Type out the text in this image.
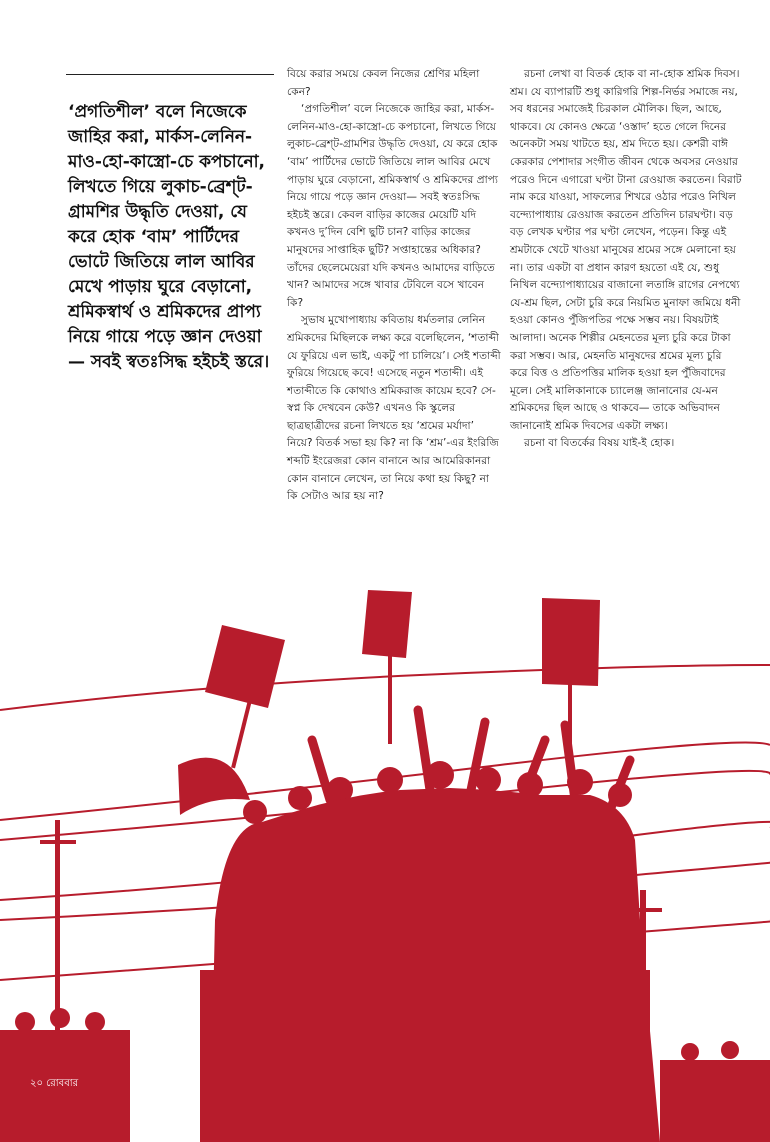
‘প্রগতিশীল’ বলে নিজেকে জাহির করা, মার্কস-লেনিন-মাও-হো-কাস্ত্রো-চে কপচানো, লিখতে গিয়ে লুকাচ-ব্রেশ্‌ট-গ্রামশির উদ্ধৃতি দেওয়া, যে করে হোক ‘বাম’ পার্টিদের ভোটে জিতিয়ে লাল আবির মেখে পাড়ায় ঘুরে বেড়ানো, শ্রমিকস্বার্থ ও শ্রমিকদের প্রাপ্য নিয়ে গায়ে পড়ে জ্ঞান দেওয়া— সবই স্বতঃসিদ্ধ হইচই স্তরে।

বিয়ে করার সময়ে কেবল নিজের শ্রেণির মহিলা কেন?

‘প্রগতিশীল’ বলে নিজেকে জাহির করা, মার্কস-লেনিন-মাও-হো-কাস্ত্রো-চে কপচানো, লিখতে গিয়ে লুকাচ-ব্রেশ্‌ট-গ্রামশির উদ্ধৃতি দেওয়া, যে করে হোক ‘বাম’ পার্টিদের ভোটে জিতিয়ে লাল আবির মেখে পাড়ায় ঘুরে বেড়ানো, শ্রমিকস্বার্থ ও শ্রমিকদের প্রাপ্য নিয়ে গায়ে পড়ে জ্ঞান দেওয়া— সবই স্বতঃসিদ্ধ হইচই স্তরে। কেবল বাড়ির কাজের মেয়েটি যদি কখনও দু’দিন বেশি ছুটি চান? বাড়ির কাজের মানুষদের সাপ্তাহিক ছুটি? সপ্তাহান্তের অধিকার? তাঁদের ছেলেমেয়েরা যদি কখনও আমাদের বাড়িতে খান? আমাদের সঙ্গে খাবার টেবিলে বসে খাবেন কি?

সুভাষ মুখোপাধ্যায় কবিতায় ধর্মতলার লেনিন শ্রমিকদের মিছিলকে লক্ষ্য করে বলেছিলেন, ‘শতাব্দী যে ফুরিয়ে এল ভাই, একটু পা চালিয়ে’। সেই শতাব্দী ফুরিয়ে গিয়েছে কবে! এসেছে নতুন শতাব্দী। এই শতাব্দীতে কি কোথাও শ্রমিকরাজ কায়েম হবে? সে-স্বপ্ন কি দেখবেন কেউ? এখনও কি স্কুলের ছাত্রছাত্রীদের রচনা লিখতে হয় ‘শ্রমের মর্যাদা’ নিয়ে? বিতর্ক সভা হয় কি? না কি ‘শ্রম’-এর ইংরিজি শব্দটি ইংরেজরা কোন বানানে আর আমেরিকানরা কোন বানানে লেখেন, তা নিয়ে কথা হয় কিছু? না কি সেটাও আর হয় না?

রচনা লেখা বা বিতর্ক হোক বা না-হোক শ্রমিক দিবস। শ্রম। যে ব্যাপারটি শুধু কারিগরি শিল্প-নির্ভর সমাজে নয়, সব ধরনের সমাজেই চিরকাল মৌলিক। ছিল, আছে, থাকবে। যে কোনও ক্ষেত্রে ‘ওস্তাদ’ হতে গেলে দিনের অনেকটা সময় খাটতে হয়, শ্রম দিতে হয়। কেশরী বাঈ কেরকার পেশাদার সংগীত জীবন থেকে অবসর নেওয়ার পরেও দিনে এগারো ঘণ্টা টানা রেওয়াজ করতেন। বিরাট নাম করে যাওয়া, সাফল্যের শিখরে ওঠার পরেও নিখিল বন্দ্যোপাধ্যায় রেওয়াজ করতেন প্রতিদিন চারঘণ্টা। বড় বড় লেখক ঘণ্টার পর ঘণ্টা লেখেন, পড়েন। কিন্তু এই শ্রমটাকে খেটে খাওয়া মানুষের শ্রমের সঙ্গে মেলানো হয় না। তার একটা বা প্রধান কারণ হয়তো এই যে, শুধু নিখিল বন্দ্যোপাধ্যায়ের বাজানো লতাঙ্গি রাগের নেপথ্যে যে-শ্রম ছিল, সেটা চুরি করে নিয়মিত মুনাফা জমিয়ে ধনী হওয়া কোনও পুঁজিপতির পক্ষে সম্ভব নয়। বিষয়টাই আলাদা। অনেক শিল্পীর মেহনতের মূল্য চুরি করে টাকা করা সম্ভব। আর, মেহনতি মানুষদের শ্রমের মূল্য চুরি করে বিত্ত ও প্রতিপত্তির মালিক হওয়া হল পুঁজিবাদের মূলে। সেই মালিকানাকে চ্যালেঞ্জ জানানোর যে-মন শ্রমিকদের ছিল আছে ও থাকবে— তাকে অভিবাদন জানানোই শ্রমিক দিবসের একটা লক্ষ্য।

রচনা বা বিতর্কের বিষয় যাই-ই হোক।

২০ রোববার
